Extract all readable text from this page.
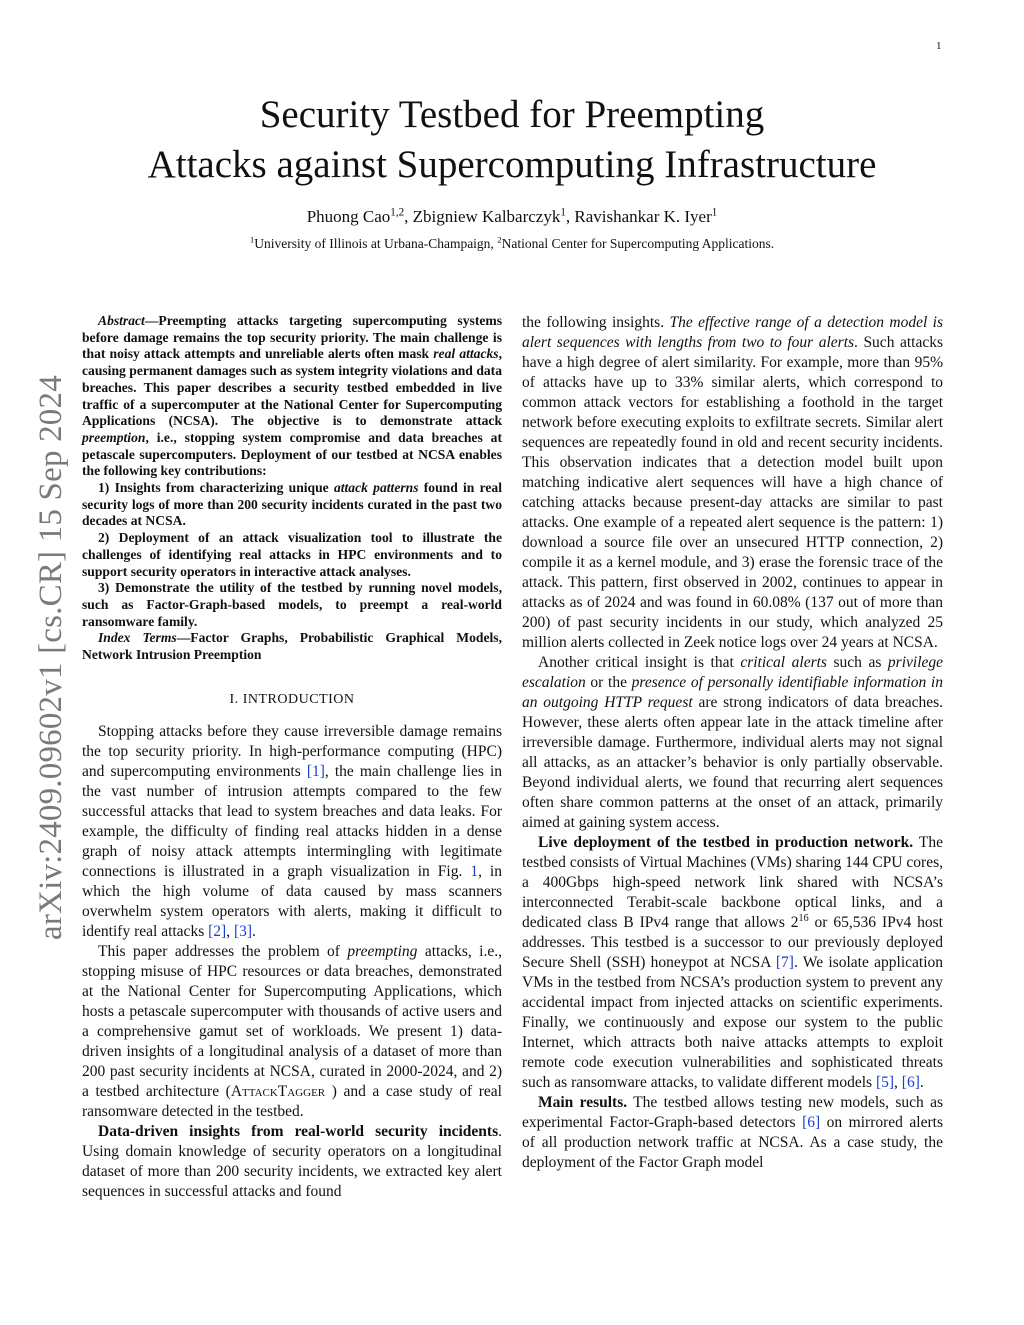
1
arXiv:2409.09602v1 [cs.CR] 15 Sep 2024
Security Testbed for Preempting
Attacks against Supercomputing Infrastructure
Phuong Cao$^{1,2}$, Zbigniew Kalbarczyk$^1$, Ravishankar K. Iyer$^1$
$^1$University of Illinois at Urbana-Champaign, $^2$National Center for Supercomputing Applications.

Abstract—Preempting attacks targeting supercomputing systems before damage remains the top security priority. The main challenge is that noisy attack attempts and unreliable alerts often mask real attacks, causing permanent damages such as system integrity violations and data breaches. This paper describes a security testbed embedded in live traffic of a supercomputer at the National Center for Supercomputing Applications (NCSA). The objective is to demonstrate attack preemption, i.e., stopping system compromise and data breaches at petascale supercomputers. Deployment of our testbed at NCSA enables the following key contributions:

1) Insights from characterizing unique attack patterns found in real security logs of more than 200 security incidents curated in the past two decades at NCSA.

2) Deployment of an attack visualization tool to illustrate the challenges of identifying real attacks in HPC environments and to support security operators in interactive attack analyses.

3) Demonstrate the utility of the testbed by running novel models, such as Factor-Graph-based models, to preempt a real-world ransomware family.

Index Terms—Factor Graphs, Probabilistic Graphical Models, Network Intrusion Preemption

I. INTRODUCTION

Stopping attacks before they cause irreversible damage remains the top security priority. In high-performance computing (HPC) and supercomputing environments [1], the main challenge lies in the vast number of intrusion attempts compared to the few successful attacks that lead to system breaches and data leaks. For example, the difficulty of finding real attacks hidden in a dense graph of noisy attack attempts intermingling with legitimate connections is illustrated in a graph visualization in Fig. 1, in which the high volume of data caused by mass scanners overwhelm system operators with alerts, making it difficult to identify real attacks [2], [3].

This paper addresses the problem of preempting attacks, i.e., stopping misuse of HPC resources or data breaches, demonstrated at the National Center for Supercomputing Applications, which hosts a petascale supercomputer with thousands of active users and a comprehensive gamut set of workloads. We present 1) data-driven insights of a longitudinal analysis of a dataset of more than 200 past security incidents at NCSA, curated in 2000-2024, and 2) a testbed architecture (AttackTagger ) and a case study of real ransomware detected in the testbed.

Data-driven insights from real-world security incidents. Using domain knowledge of security operators on a longitudinal dataset of more than 200 security incidents, we extracted key alert sequences in successful attacks and found

the following insights. The effective range of a detection model is alert sequences with lengths from two to four alerts. Such attacks have a high degree of alert similarity. For example, more than 95% of attacks have up to 33% similar alerts, which correspond to common attack vectors for establishing a foothold in the target network before executing exploits to exfiltrate secrets. Similar alert sequences are repeatedly found in old and recent security incidents. This observation indicates that a detection model built upon matching indicative alert sequences will have a high chance of catching attacks because present-day attacks are similar to past attacks. One example of a repeated alert sequence is the pattern: 1) download a source file over an unsecured HTTP connection, 2) compile it as a kernel module, and 3) erase the forensic trace of the attack. This pattern, first observed in 2002, continues to appear in attacks as of 2024 and was found in 60.08% (137 out of more than 200) of past security incidents in our study, which analyzed 25 million alerts collected in Zeek notice logs over 24 years at NCSA.

Another critical insight is that critical alerts such as privilege escalation or the presence of personally identifiable information in an outgoing HTTP request are strong indicators of data breaches. However, these alerts often appear late in the attack timeline after irreversible damage. Furthermore, individual alerts may not signal all attacks, as an attacker’s behavior is only partially observable. Beyond individual alerts, we found that recurring alert sequences often share common patterns at the onset of an attack, primarily aimed at gaining system access.

Live deployment of the testbed in production network. The testbed consists of Virtual Machines (VMs) sharing 144 CPU cores, a 400Gbps high-speed network link shared with NCSA’s interconnected Terabit-scale backbone optical links, and a dedicated class B IPv4 range that allows $2^{16}$ or 65,536 IPv4 host addresses. This testbed is a successor to our previously deployed Secure Shell (SSH) honeypot at NCSA [7]. We isolate application VMs in the testbed from NCSA’s production system to prevent any accidental impact from injected attacks on scientific experiments. Finally, we continuously and expose our system to the public Internet, which attracts both naive attacks attempts to exploit remote code execution vulnerabilities and sophisticated threats such as ransomware attacks, to validate different models [5], [6].

Main results. The testbed allows testing new models, such as experimental Factor-Graph-based detectors [6] on mirrored alerts of all production network traffic at NCSA. As a case study, the deployment of the Factor Graph model
